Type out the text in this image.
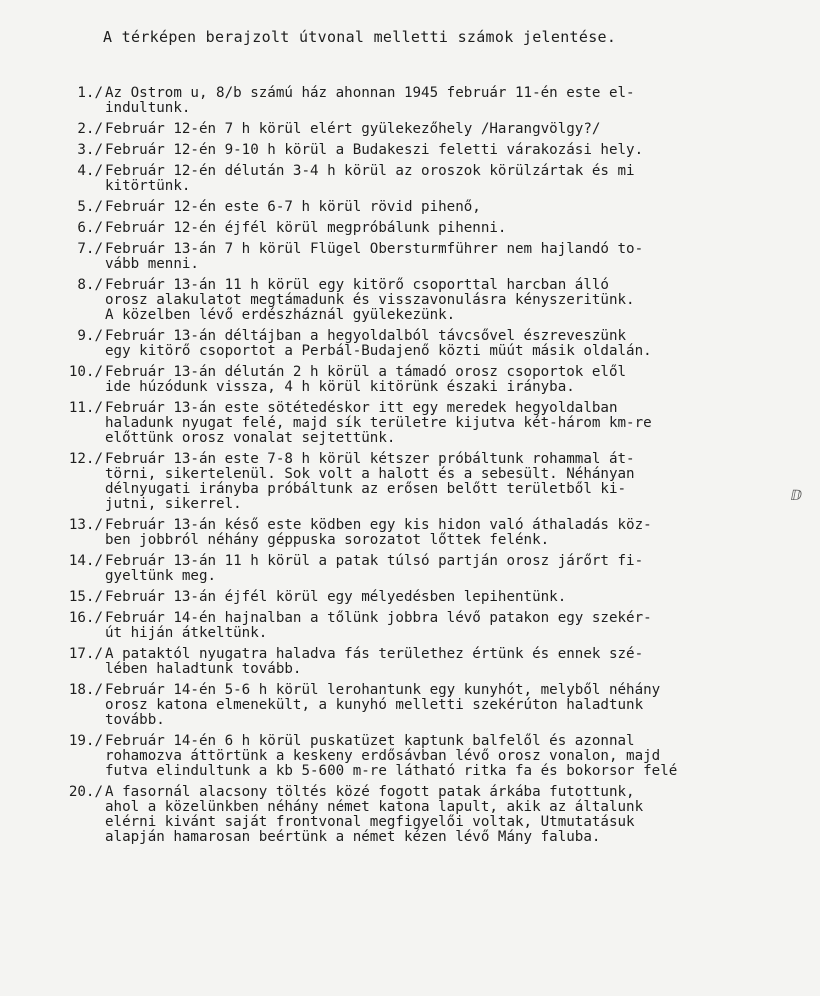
A térképen berajzolt útvonal melletti számok jelentése.
1./ Az Ostrom u, 8/b számú ház ahonnan 1945 február 11-én este el-
indultunk.
2./ Február 12-én 7 h körül elért gyülekezőhely /Harangvölgy?/
3./ Február 12-én 9-10 h körül a Budakeszi feletti várakozási hely.
4./ Február 12-én délután 3-4 h körül az oroszok körülzártak és mi
kitörtünk.
5./ Február 12-én este 6-7 h körül rövid pihenő,
6./ Február 12-én éjfél körül megpróbálunk pihenni.
7./ Február 13-án 7 h körül Flügel Obersturmführer nem hajlandó to-
vább menni.
8./ Február 13-án 11 h körül egy kitörő csoporttal harcban álló
orosz alakulatot megtámadunk és visszavonulásra kényszeritünk.
A közelben lévő erdészháznál gyülekezünk.
9./ Február 13-án déltájban a hegyoldalból távcsővel észreveszünk
egy kitörő csoportot a Perbál-Budajenő közti müút másik oldalán.
10./ Február 13-án délután 2 h körül a támadó orosz csoportok elől
ide húzódunk vissza, 4 h körül kitörünk északi irányba.
11./ Február 13-án este sötétedéskor itt egy meredek hegyoldalban
haladunk nyugat felé, majd sík területre kijutva két-három km-re
előttünk orosz vonalat sejtettünk.
12./ Február 13-án este 7-8 h körül kétszer próbáltunk rohammal át-
törni, sikertelenül. Sok volt a halott és a sebesült. Néhányan
délnyugati irányba próbáltunk az erősen belőtt területből ki-
jutni, sikerrel.
13./ Február 13-án késő este ködben egy kis hidon való áthaladás köz-
ben jobbról néhány géppuska sorozatot lőttek felénk.
14./ Február 13-án 11 h körül a patak túlsó partján orosz járőrt fi-
gyeltünk meg.
15./ Február 13-án éjfél körül egy mélyedésben lepihentünk.
16./ Február 14-én hajnalban a tőlünk jobbra lévő patakon egy szekér-
út hiján átkeltünk.
17./ A pataktól nyugatra haladva fás területhez értünk és ennek szé-
lében haladtunk tovább.
18./ Február 14-én 5-6 h körül lerohantunk egy kunyhót, melyből néhány
orosz katona elmenekült, a kunyhó melletti szekérúton haladtunk
tovább.
19./ Február 14-én 6 h körül puskatüzet kaptunk balfelől és azonnal
rohamozva áttörtünk a keskeny erdősávban lévő orosz vonalon, majd
futva elindultunk a kb 5-600 m-re látható ritka fa és bokorsor felé
20./ A fasornál alacsony töltés közé fogott patak árkába futottunk,
ahol a közelünkben néhány német katona lapult, akik az általunk
elérni kivánt saját frontvonal megfigyelői voltak, Utmutatásuk
alapján hamarosan beértünk a német kézen lévő Mány faluba.
ⅅ
